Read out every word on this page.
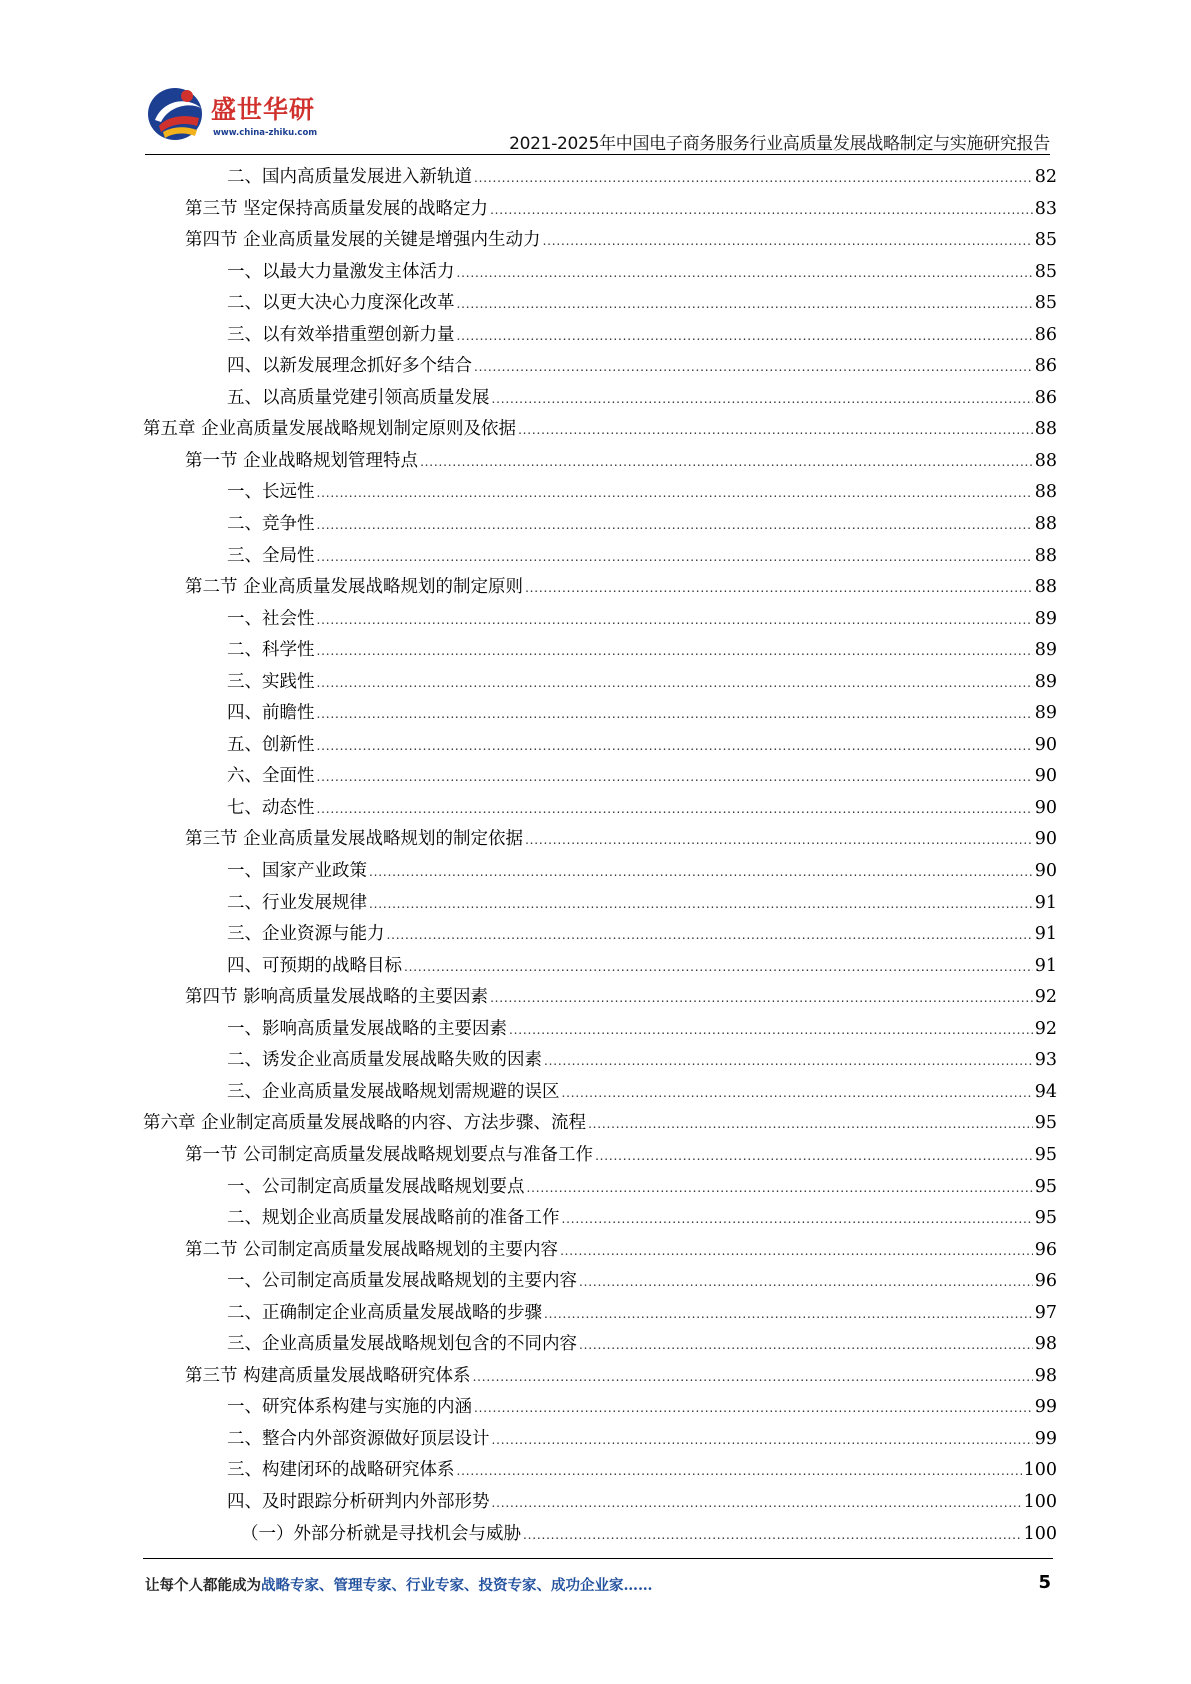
盛世华研
www.china-zhiku.com
2021-2025年中国电子商务服务行业高质量发展战略制定与实施研究报告
二、国内高质量发展进入新轨道 .....	82
第三节 坚定保持高质量发展的战略定力 .....	83
第四节 企业高质量发展的关键是增强内生动力 .....	85
一、以最大力量激发主体活力 .....	85
二、以更大决心力度深化改革 .....	85
三、以有效举措重塑创新力量 .....	86
四、以新发展理念抓好多个结合 .....	86
五、以高质量党建引领高质量发展 .....	86
第五章 企业高质量发展战略规划制定原则及依据 .....	88
第一节 企业战略规划管理特点 .....	88
一、长远性 .....	88
二、竞争性 .....	88
三、全局性 .....	88
第二节 企业高质量发展战略规划的制定原则 .....	88
一、社会性 .....	89
二、科学性 .....	89
三、实践性 .....	89
四、前瞻性 .....	89
五、创新性 .....	90
六、全面性 .....	90
七、动态性 .....	90
第三节 企业高质量发展战略规划的制定依据 .....	90
一、国家产业政策 .....	90
二、行业发展规律 .....	91
三、企业资源与能力 .....	91
四、可预期的战略目标 .....	91
第四节 影响高质量发展战略的主要因素 .....	92
一、影响高质量发展战略的主要因素 .....	92
二、诱发企业高质量发展战略失败的因素 .....	93
三、企业高质量发展战略规划需规避的误区 .....	94
第六章 企业制定高质量发展战略的内容、方法步骤、流程 .....	95
第一节 公司制定高质量发展战略规划要点与准备工作 .....	95
一、公司制定高质量发展战略规划要点 .....	95
二、规划企业高质量发展战略前的准备工作 .....	95
第二节 公司制定高质量发展战略规划的主要内容 .....	96
一、公司制定高质量发展战略规划的主要内容 .....	96
二、正确制定企业高质量发展战略的步骤 .....	97
三、企业高质量发展战略规划包含的不同内容 .....	98
第三节 构建高质量发展战略研究体系 .....	98
一、研究体系构建与实施的内涵 .....	99
二、整合内外部资源做好顶层设计 .....	99
三、构建闭环的战略研究体系 .....	100
四、及时跟踪分析研判内外部形势 .....	100
（一）外部分析就是寻找机会与威胁 .....	100
让每个人都能成为战略专家、管理专家、行业专家、投资专家、成功企业家……	5
